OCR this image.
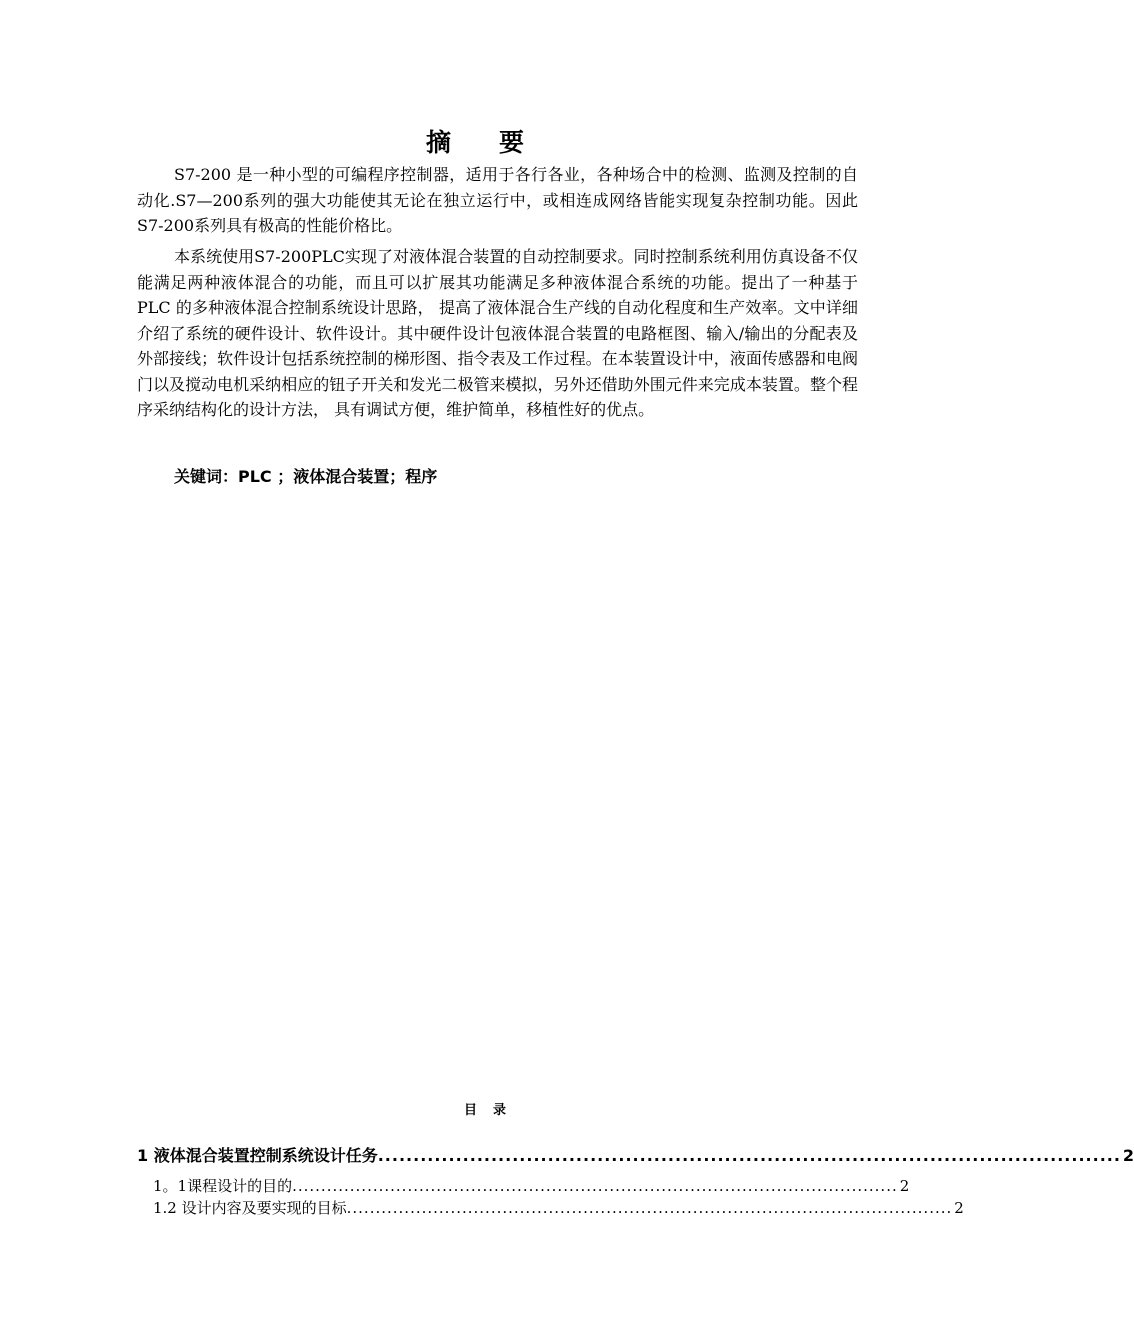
摘要

S7-200 是一种小型的可编程序控制器，适用于各行各业，各种场合中的检测、监测及控制的自动化.S7—200系列的强大功能使其无论在独立运行中，或相连成网络皆能实现复杂控制功能。因此S7-200系列具有极高的性能价格比。

本系统使用S7-200PLC实现了对液体混合装置的自动控制要求。同时控制系统利用仿真设备不仅能满足两种液体混合的功能，而且可以扩展其功能满足多种液体混合系统的功能。提出了一种基于PLC 的多种液体混合控制系统设计思路， 提高了液体混合生产线的自动化程度和生产效率。文中详细介绍了系统的硬件设计、软件设计。其中硬件设计包液体混合装置的电路框图、输入/输出的分配表及外部接线；软件设计包括系统控制的梯形图、指令表及工作过程。在本装置设计中，液面传感器和电阀门以及搅动电机采纳相应的钮子开关和发光二极管来模拟，另外还借助外围元件来完成本装置。整个程序采纳结构化的设计方法， 具有调试方便，维护简单，移植性好的优点。

关键词：PLC ；液体混合装置；程序
目录
1 液体混合装置控制系统设计任务 ......................................................................................................... 2
1。1课程设计的目的 ......................................................................................................... 2
1.2 设计内容及要实现的目标 ......................................................................................................... 2
